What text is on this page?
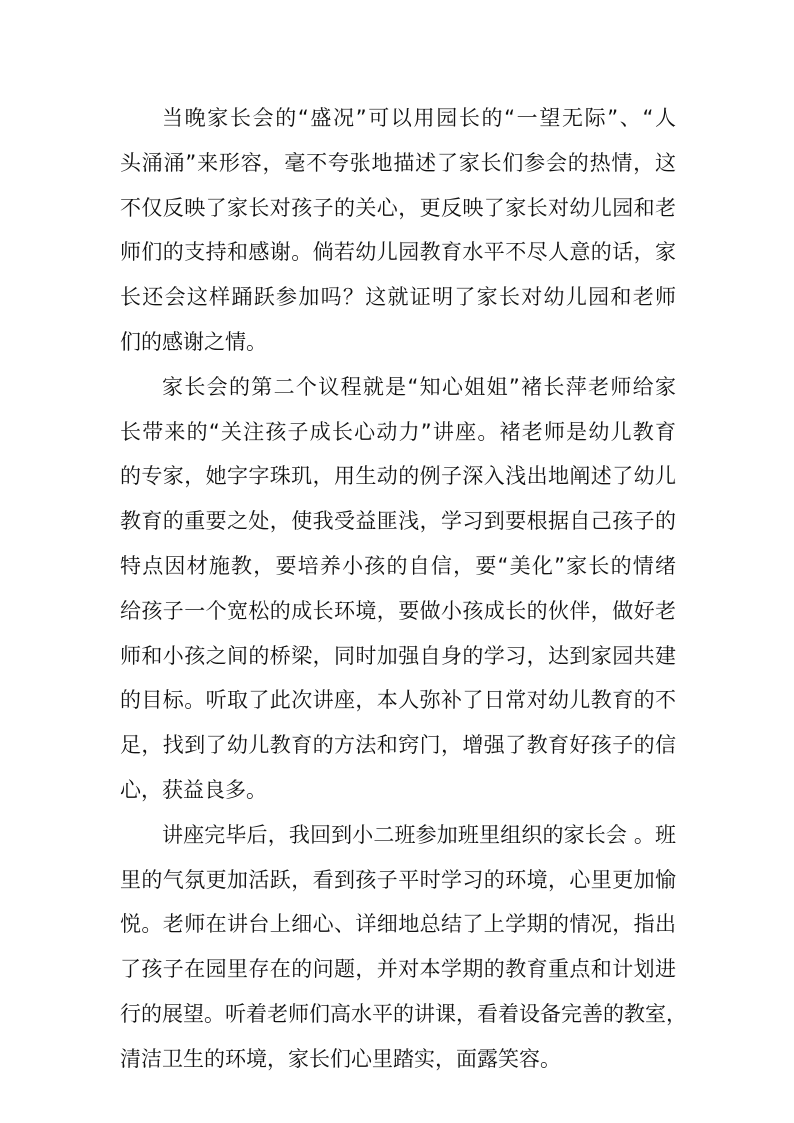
当晚家长会的“盛况”可以用园长的“一望无际”、“人
头涌涌”来形容，毫不夸张地描述了家长们参会的热情，这
不仅反映了家长对孩子的关心，更反映了家长对幼儿园和老
师们的支持和感谢。倘若幼儿园教育水平不尽人意的话，家
长还会这样踊跃参加吗？这就证明了家长对幼儿园和老师
们的感谢之情。
家长会的第二个议程就是“知心姐姐”褚长萍老师给家
长带来的“关注孩子成长心动力”讲座。褚老师是幼儿教育
的专家，她字字珠玑，用生动的例子深入浅出地阐述了幼儿
教育的重要之处，使我受益匪浅，学习到要根据自己孩子的
特点因材施教，要培养小孩的自信，要“美化”家长的情绪
给孩子一个宽松的成长环境，要做小孩成长的伙伴，做好老
师和小孩之间的桥梁，同时加强自身的学习，达到家园共建
的目标。听取了此次讲座，本人弥补了日常对幼儿教育的不
足，找到了幼儿教育的方法和窍门，增强了教育好孩子的信
心，获益良多。
讲座完毕后，我回到小二班参加班里组织的家长会 。班
里的气氛更加活跃，看到孩子平时学习的环境，心里更加愉
悦。老师在讲台上细心、详细地总结了上学期的情况，指出
了孩子在园里存在的问题，并对本学期的教育重点和计划进
行的展望。听着老师们高水平的讲课，看着设备完善的教室，
清洁卫生的环境，家长们心里踏实，面露笑容。
